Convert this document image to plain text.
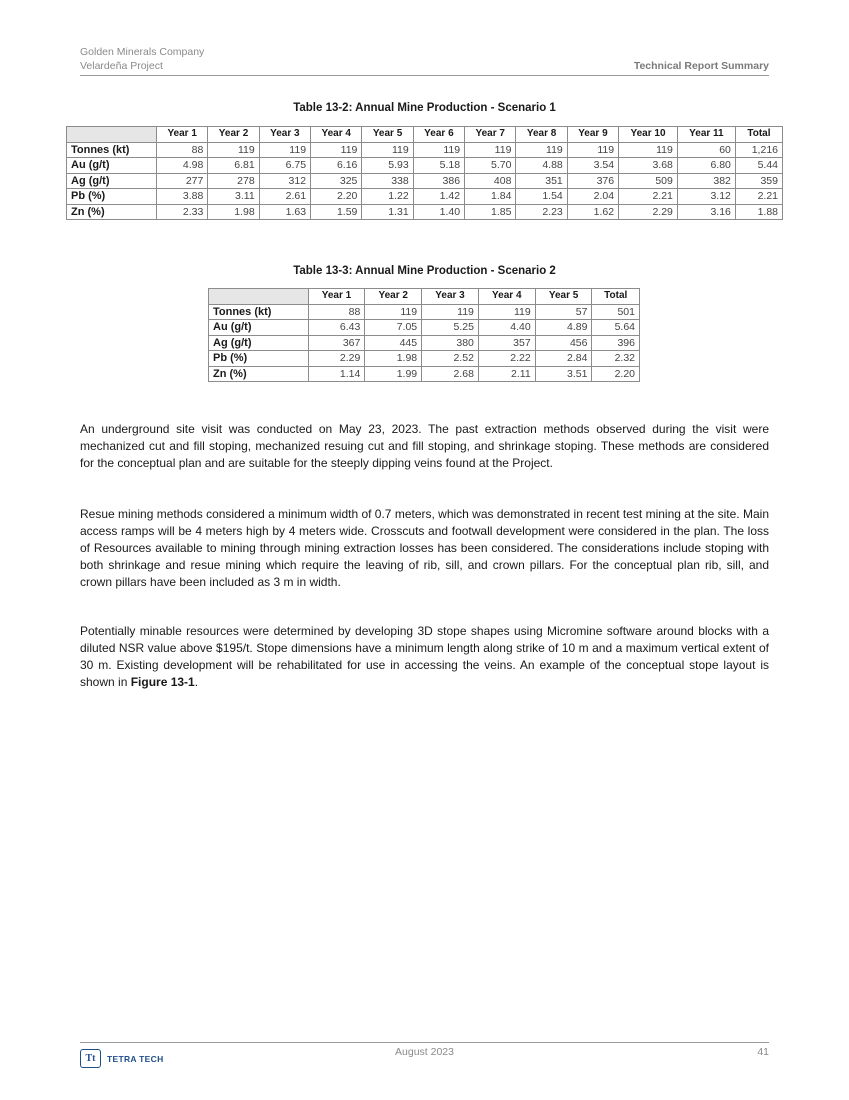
Golden Minerals Company
Velardeña Project	Technical Report Summary
Table 13-2: Annual Mine Production - Scenario 1
	Year 1	Year 2	Year 3	Year 4	Year 5	Year 6	Year 7	Year 8	Year 9	Year 10	Year 11	Total
Tonnes (kt)	88	119	119	119	119	119	119	119	119	119	60	1,216
Au (g/t)	4.98	6.81	6.75	6.16	5.93	5.18	5.70	4.88	3.54	3.68	6.80	5.44
Ag (g/t)	277	278	312	325	338	386	408	351	376	509	382	359
Pb (%)	3.88	3.11	2.61	2.20	1.22	1.42	1.84	1.54	2.04	2.21	3.12	2.21
Zn (%)	2.33	1.98	1.63	1.59	1.31	1.40	1.85	2.23	1.62	2.29	3.16	1.88
Table 13-3: Annual Mine Production - Scenario 2
	Year 1	Year 2	Year 3	Year 4	Year 5	Total
Tonnes (kt)	88	119	119	119	57	501
Au (g/t)	6.43	7.05	5.25	4.40	4.89	5.64
Ag (g/t)	367	445	380	357	456	396
Pb (%)	2.29	1.98	2.52	2.22	2.84	2.32
Zn (%)	1.14	1.99	2.68	2.11	3.51	2.20

An underground site visit was conducted on May 23, 2023. The past extraction methods observed during the visit were mechanized cut and fill stoping, mechanized resuing cut and fill stoping, and shrinkage stoping. These methods are considered for the conceptual plan and are suitable for the steeply dipping veins found at the Project.

Resue mining methods considered a minimum width of 0.7 meters, which was demonstrated in recent test mining at the site. Main access ramps will be 4 meters high by 4 meters wide. Crosscuts and footwall development were considered in the plan. The loss of Resources available to mining through mining extraction losses has been considered. The considerations include stoping with both shrinkage and resue mining which require the leaving of rib, sill, and crown pillars. For the conceptual plan rib, sill, and crown pillars have been included as 3 m in width.

Potentially minable resources were determined by developing 3D stope shapes using Micromine software around blocks with a diluted NSR value above $195/t. Stope dimensions have a minimum length along strike of 10 m and a maximum vertical extent of 30 m. Existing development will be rehabilitated for use in accessing the veins. An example of the conceptual stope layout is shown in Figure 13-1.

Tt	TETRA TECH
August 2023	41
